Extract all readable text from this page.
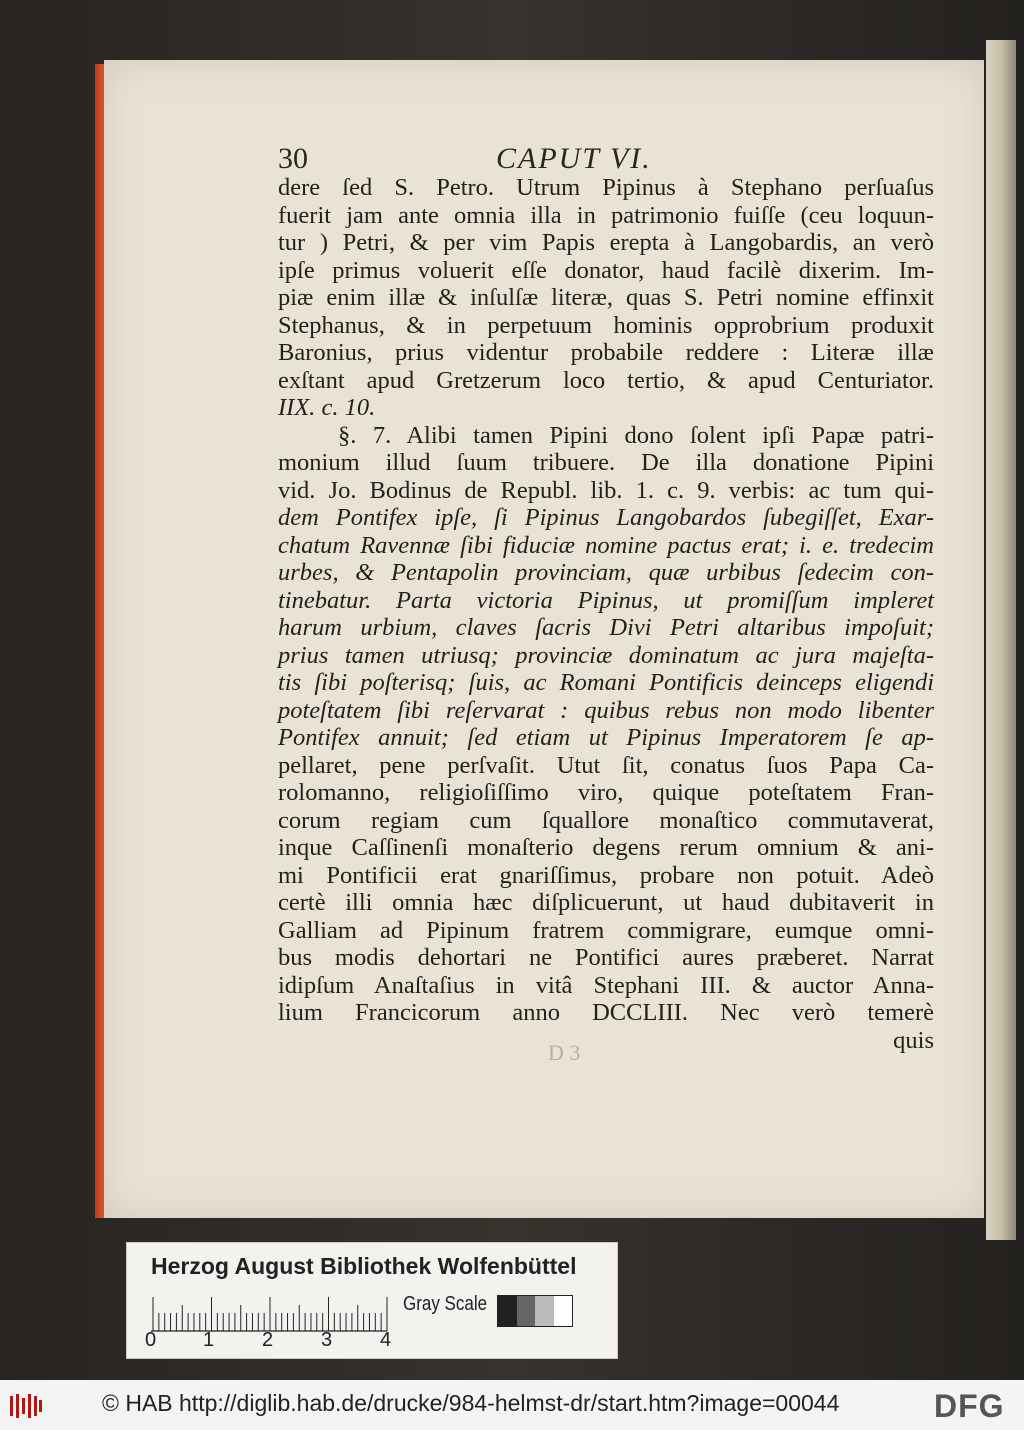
30	CAPUT VI.
dere ſed S. Petro. Utrum Pipinus à Stephano perſuaſus
fuerit jam ante omnia illa in patrimonio fuiſſe (ceu loquun-
tur ) Petri, & per vim Papis erepta à Langobardis, an verò
ipſe primus voluerit eſſe donator, haud facilè dixerim. Im-
piæ enim illæ & inſulſæ literæ, quas S. Petri nomine effinxit
Stephanus, & in perpetuum hominis opprobrium produxit
Baronius, prius videntur probabile reddere : Literæ illæ
exſtant apud Gretzerum loco tertio, & apud Centuriator.
IIX. c. 10.
§. 7. Alibi tamen Pipini dono ſolent ipſi Papæ patri-
monium illud ſuum tribuere. De illa donatione Pipini
vid. Jo. Bodinus de Republ. lib. 1. c. 9. verbis: ac tum qui-
dem Pontifex ipſe, ſi Pipinus Langobardos ſubegiſſet, Exar-
chatum Ravennæ ſibi fiduciæ nomine pactus erat; i. e. tredecim
urbes, & Pentapolin provinciam, quæ urbibus ſedecim con-
tinebatur. Parta victoria Pipinus, ut promiſſum impleret
harum urbium, claves ſacris Divi Petri altaribus impoſuit;
prius tamen utriusq; provinciæ dominatum ac jura majeſta-
tis ſibi poſterisq; ſuis, ac Romani Pontificis deinceps eligendi
poteſtatem ſibi reſervarat : quibus rebus non modo libenter
Pontifex annuit; ſed etiam ut Pipinus Imperatorem ſe ap-
pellaret, pene perſvaſit. Utut ſit, conatus ſuos Papa Ca-
rolomanno, religioſiſſimo viro, quique poteſtatem Fran-
corum regiam cum ſquallore monaſtico commutaverat,
inque Caſſinenſi monaſterio degens rerum omnium & ani-
mi Pontificii erat gnariſſimus, probare non potuit. Adeò
certè illi omnia hæc diſplicuerunt, ut haud dubitaverit in
Galliam ad Pipinum fratrem commigrare, eumque omni-
bus modis dehortari ne Pontifici aures præberet. Narrat
idipſum Anaſtaſius in vitâ Stephani III. & auctor Anna-
lium Francicorum anno DCCLIII. Nec verò temerè
quis
D 3
Herzog August Bibliothek Wolfenbüttel
0 1 2 3 4
Gray Scale
© HAB http://diglib.hab.de/drucke/984-helmst-dr/start.htm?image=00044	DFG
